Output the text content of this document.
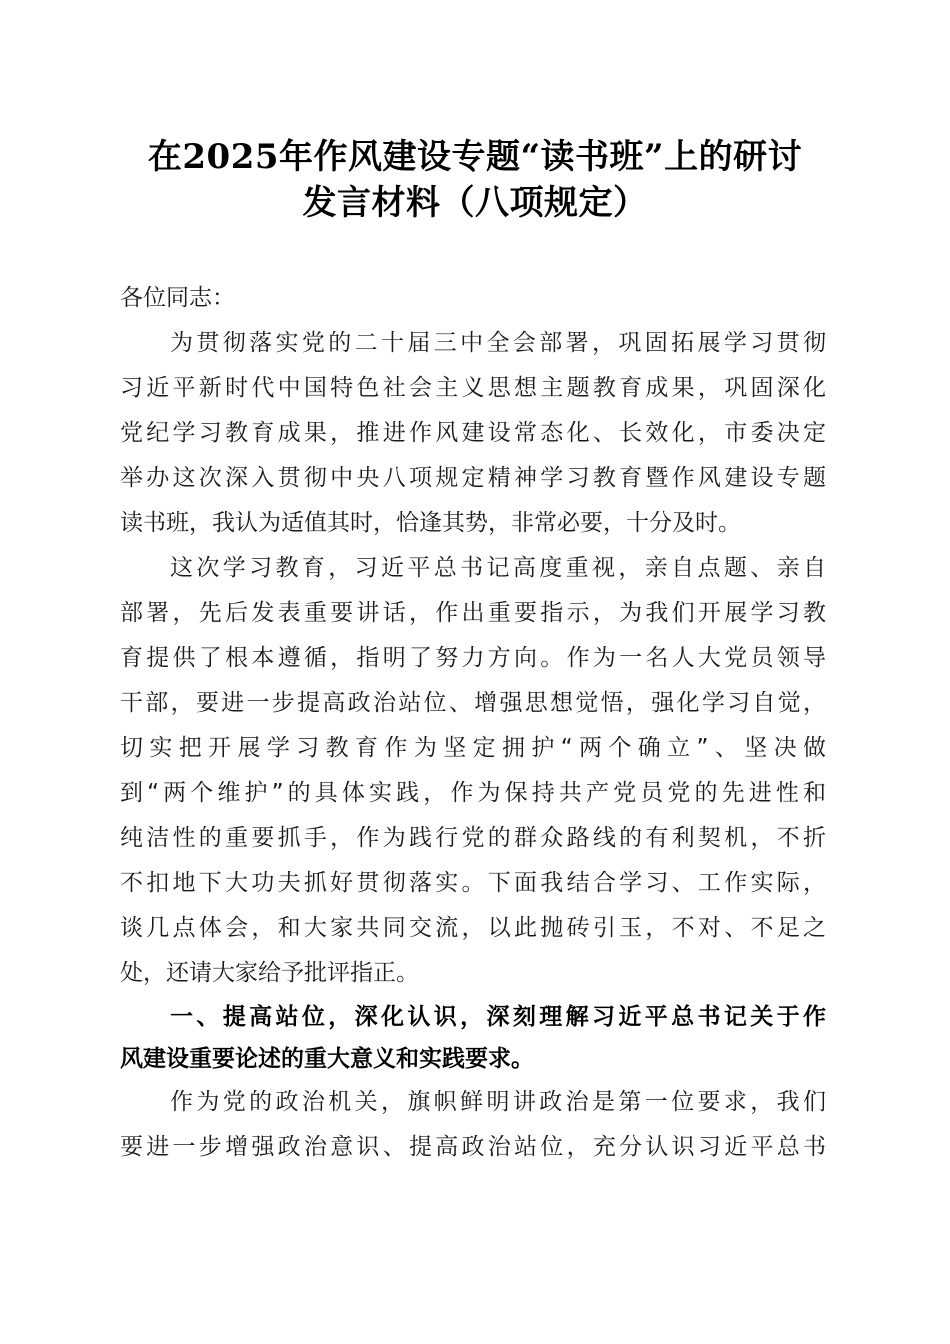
在2025年作风建设专题“读书班”上的研讨
发言材料（八项规定）

各位同志：

为贯彻落实党的二十届三中全会部署，巩固拓展学习贯彻
习近平新时代中国特色社会主义思想主题教育成果，巩固深化
党纪学习教育成果，推进作风建设常态化、长效化，市委决定
举办这次深入贯彻中央八项规定精神学习教育暨作风建设专题
读书班，我认为适值其时，恰逢其势，非常必要，十分及时。

这次学习教育，习近平总书记高度重视，亲自点题、亲自
部署，先后发表重要讲话，作出重要指示，为我们开展学习教
育提供了根本遵循，指明了努力方向。作为一名人大党员领导
干部，要进一步提高政治站位、增强思想觉悟，强化学习自觉，
切实把开展学习教育作为坚定拥护“两个确立”、坚决做
到“两个维护”的具体实践，作为保持共产党员党的先进性和
纯洁性的重要抓手，作为践行党的群众路线的有利契机，不折
不扣地下大功夫抓好贯彻落实。下面我结合学习、工作实际，
谈几点体会，和大家共同交流，以此抛砖引玉，不对、不足之
处，还请大家给予批评指正。

一、提高站位，深化认识，深刻理解习近平总书记关于作
风建设重要论述的重大意义和实践要求。

作为党的政治机关，旗帜鲜明讲政治是第一位要求，我们
要进一步增强政治意识、提高政治站位，充分认识习近平总书
